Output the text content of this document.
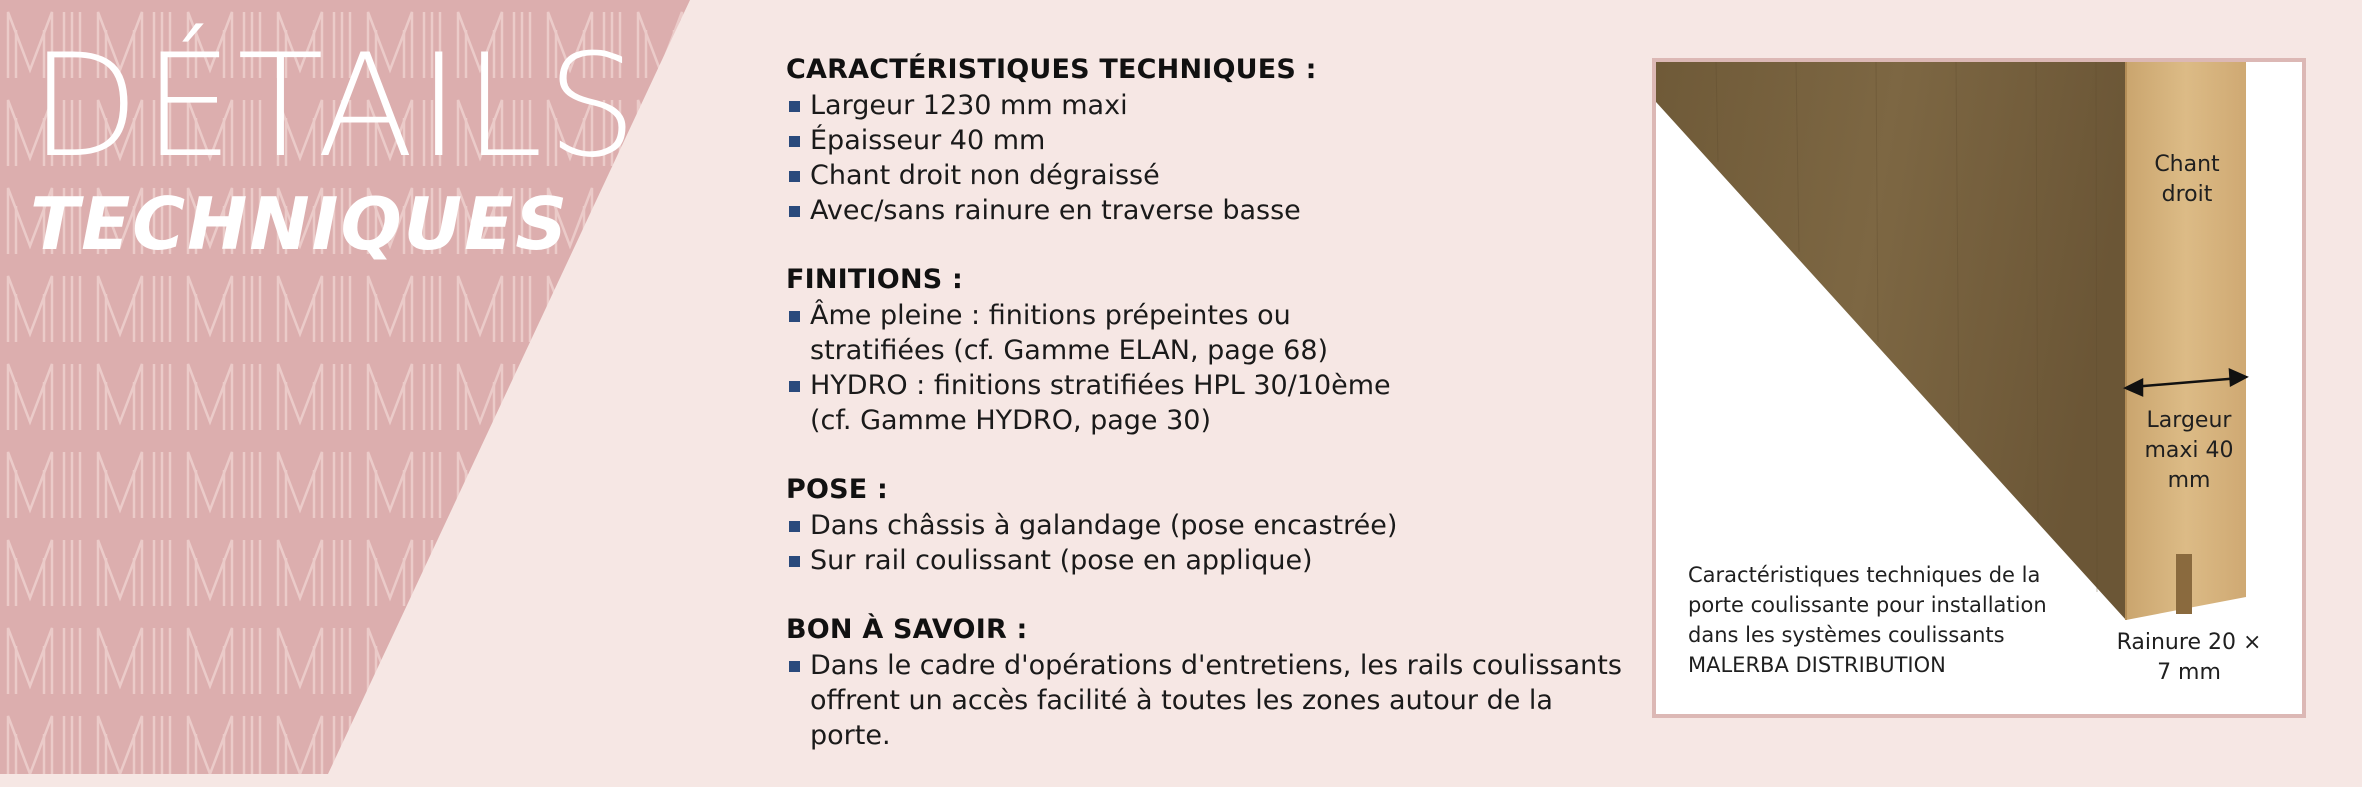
DÉTAILS
TECHNIQUES
CARACTÉRISTIQUES TECHNIQUES :
Largeur 1230 mm maxi
Épaisseur 40 mm
Chant droit non dégraissé
Avec/sans rainure en traverse basse
FINITIONS :
Âme pleine : finitions prépeintes ou stratifiées (cf. Gamme ELAN, page 68)
HYDRO : finitions stratifiées HPL 30/10ème (cf. Gamme HYDRO, page 30)
POSE :
Dans châssis à galandage (pose encastrée)
Sur rail coulissant (pose en applique)
BON À SAVOIR :
Dans le cadre d'opérations d'entretiens, les rails coulissants offrent un accès facilité à toutes les zones autour de la porte.
Chant droit
Largeur maxi 40 mm
Rainure 20 × 7 mm
Caractéristiques techniques de la porte coulissante pour installation dans les systèmes coulissants MALERBA DISTRIBUTION
